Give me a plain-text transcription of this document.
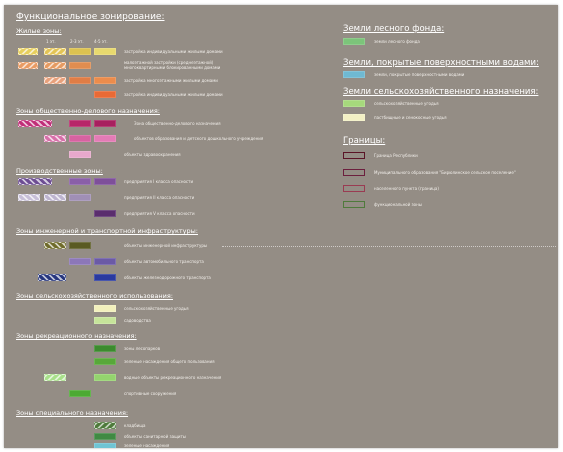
Функциональное зонирование:
Жилые зоны:
1 эт.	2-3 эт.	4-5 эт.
застройка индивидуальными жилыми домами
малоэтажной застройки (среднеэтажной)
многоквартирными блокированными домами
застройка многоэтажными жилыми домами
застройка индивидуальными жилыми домами
Зоны общественно-делового назначения:
Зона общественно-делового назначения
объектов образования и детского дошкольного учреждения
объекты здравоохранения
Производственные зоны:
предприятия I класса опасности
предприятия II класса опасности
предприятия V класса опасности
Зоны инженерной и транспортной инфраструктуры:
объекты инженерной инфраструктуры
объекты автомобильного транспорта
объекты железнодорожного транспорта
Зоны сельскохозяйственного использования:
сельскохозяйственные угодья
садоводства
Зоны рекреационного назначения:
зоны лесопарков
зеленые насаждения общего пользования
водные объекты рекреационного назначения
спортивные сооружения
Зоны специального назначения:
кладбища
объекты санитарной защиты
зеленые насаждения
Земли лесного фонда:
земли лесного фонда
Земли, покрытые поверхностными водами:
земли, покрытые поверхностными водами
Земли сельскохозяйственного назначения:
сельскохозяйственные угодья
пастбищные и сенокосные угодья
Границы:
Граница Республики
Муниципального образования "Бирюлинское сельское поселение"
населенного пункта (граница)
функциональной зоны
